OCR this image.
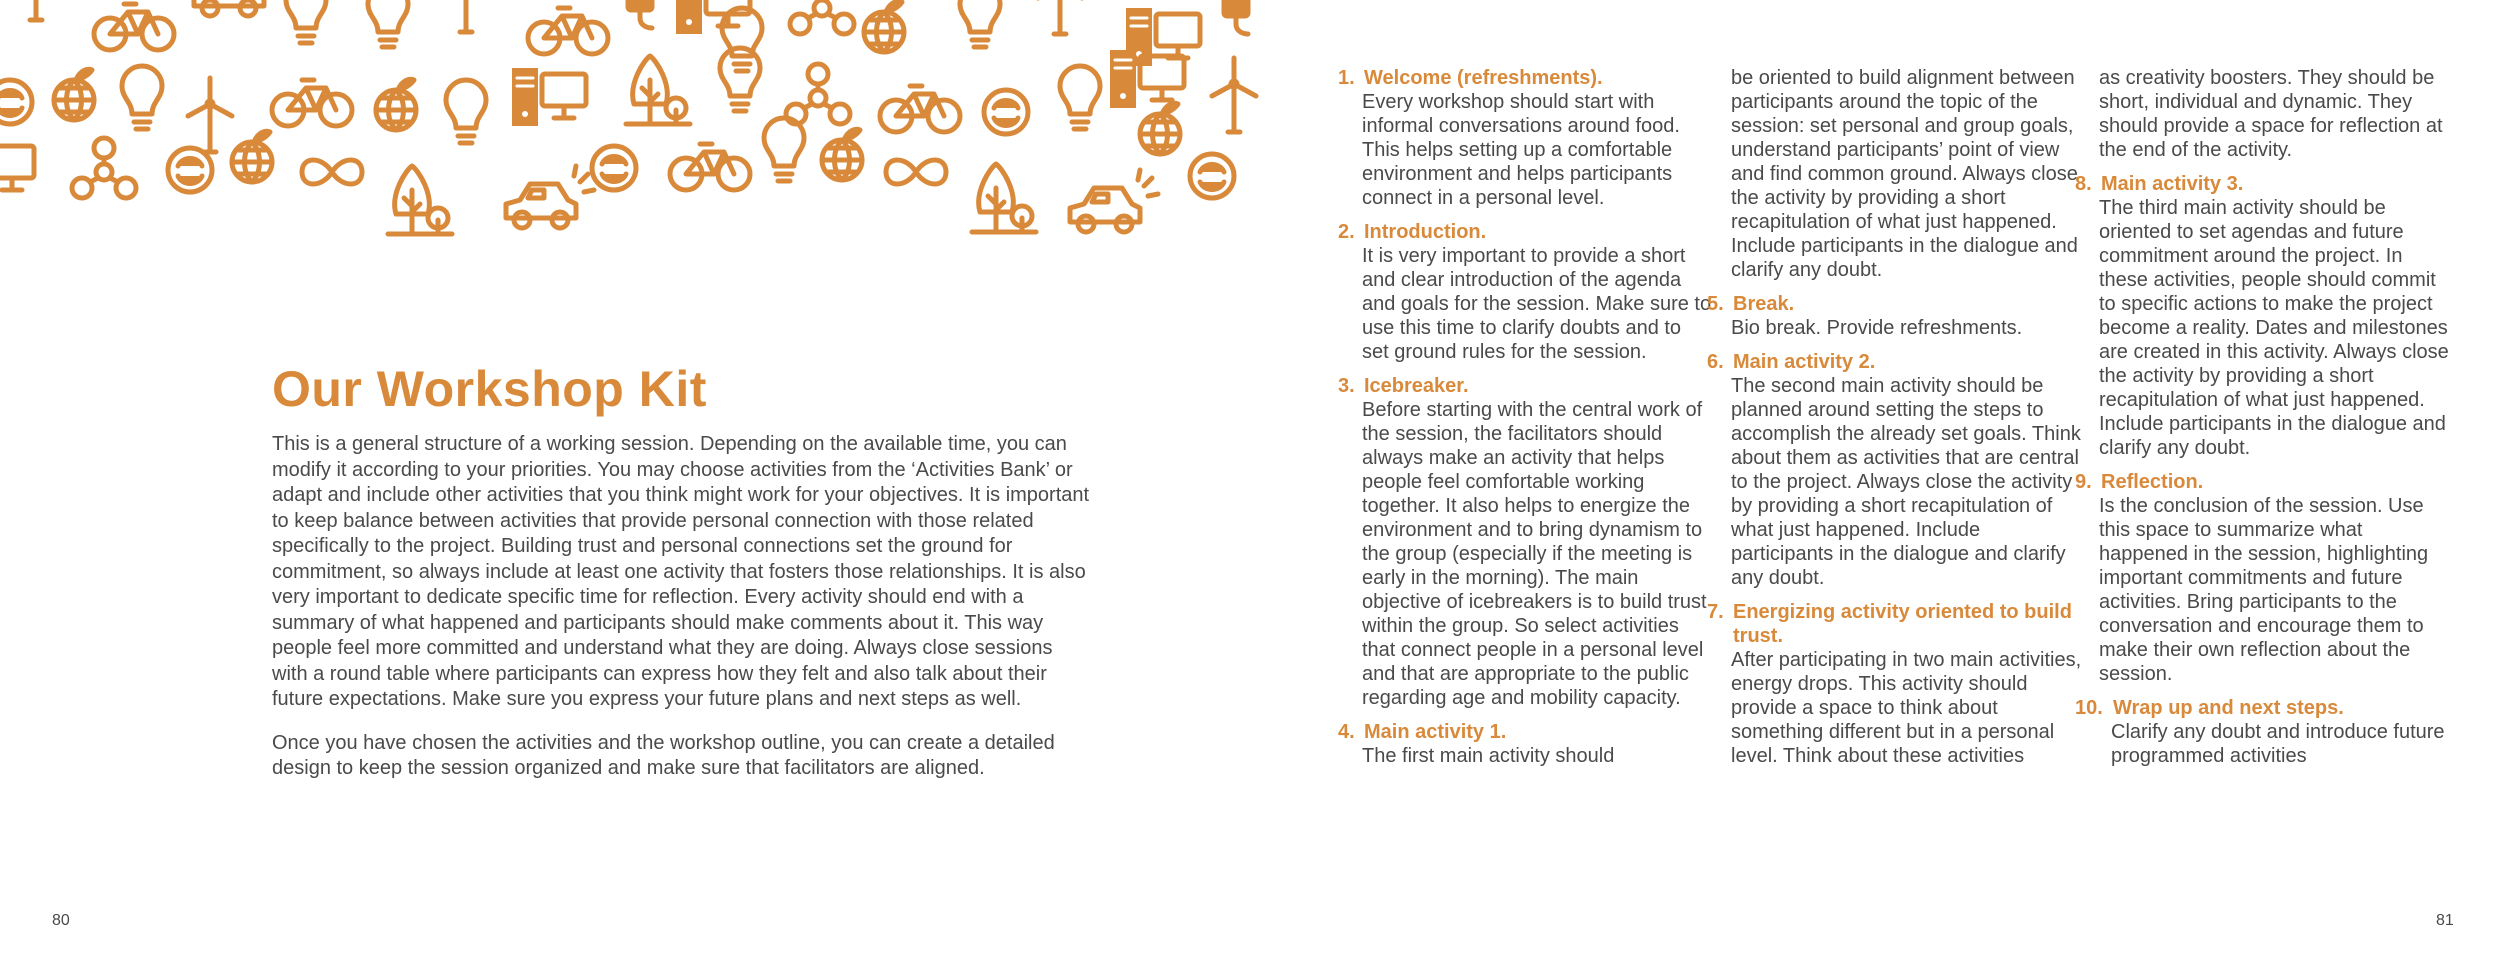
Our Workshop Kit

This is a general structure of a working session. Depending on the available time, you can modify it according to your priorities. You may choose activities from the ‘Activities Bank’ or adapt and include other activities that you think might work for your objectives. It is important to keep balance between activities that provide personal connection with those related specifically to the project. Building trust and personal connections set the ground for commitment, so always include at least one activity that fosters those relationships. It is also very important to dedicate specific time for reflection. Every activity should end with a summary of what happened and participants should make comments about it. This way people feel more committed and understand what they are doing. Always close sessions with a round table where participants can express how they felt and also talk about their future expectations. Make sure you express your future plans and next steps as well.

Once you have chosen the activities and the workshop outline, you can create a detailed design to keep the session organized and make sure that facilitators are aligned.

80
1. Welcome (refreshments).
Every workshop should start with informal conversations around food. This helps setting up a comfortable environment and helps participants connect in a personal level.
2. Introduction.
It is very important to provide a short and clear introduction of the agenda and goals for the session. Make sure to use this time to clarify doubts and to set ground rules for the session.
3. Icebreaker.
Before starting with the central work of the session, the facilitators should always make an activity that helps people feel comfortable working together. It also helps to energize the environment and to bring dynamism to the group (especially if the meeting is early in the morning). The main objective of icebreakers is to build trust within the group. So select activities that connect people in a personal level and that are appropriate to the public regarding age and mobility capacity.
4. Main activity 1.
The first main activity should
be oriented to build alignment between participants around the topic of the session: set personal and group goals, understand participants’ point of view and find common ground. Always close the activity by providing a short recapitulation of what just happened. Include participants in the dialogue and clarify any doubt.
5. Break.
Bio break. Provide refreshments.
6. Main activity 2.
The second main activity should be planned around setting the steps to accomplish the already set goals. Think about them as activities that are central to the project. Always close the activity by providing a short recapitulation of what just happened. Include participants in the dialogue and clarify any doubt.
7. Energizing activity oriented to build trust.
After participating in two main activities, energy drops. This activity should provide a space to think about something different but in a personal level. Think about these activities
as creativity boosters. They should be short, individual and dynamic. They should provide a space for reflection at the end of the activity.
8. Main activity 3.
The third main activity should be oriented to set agendas and future commitment around the project. In these activities, people should commit to specific actions to make the project become a reality. Dates and milestones are created in this activity. Always close the activity by providing a short recapitulation of what just happened. Include participants in the dialogue and clarify any doubt.
9. Reflection.
Is the conclusion of the session. Use this space to summarize what happened in the session, highlighting important commitments and future activities. Bring participants to the conversation and encourage them to make their own reflection about the session.
10. Wrap up and next steps.
Clarify any doubt and introduce future programmed activities
81
